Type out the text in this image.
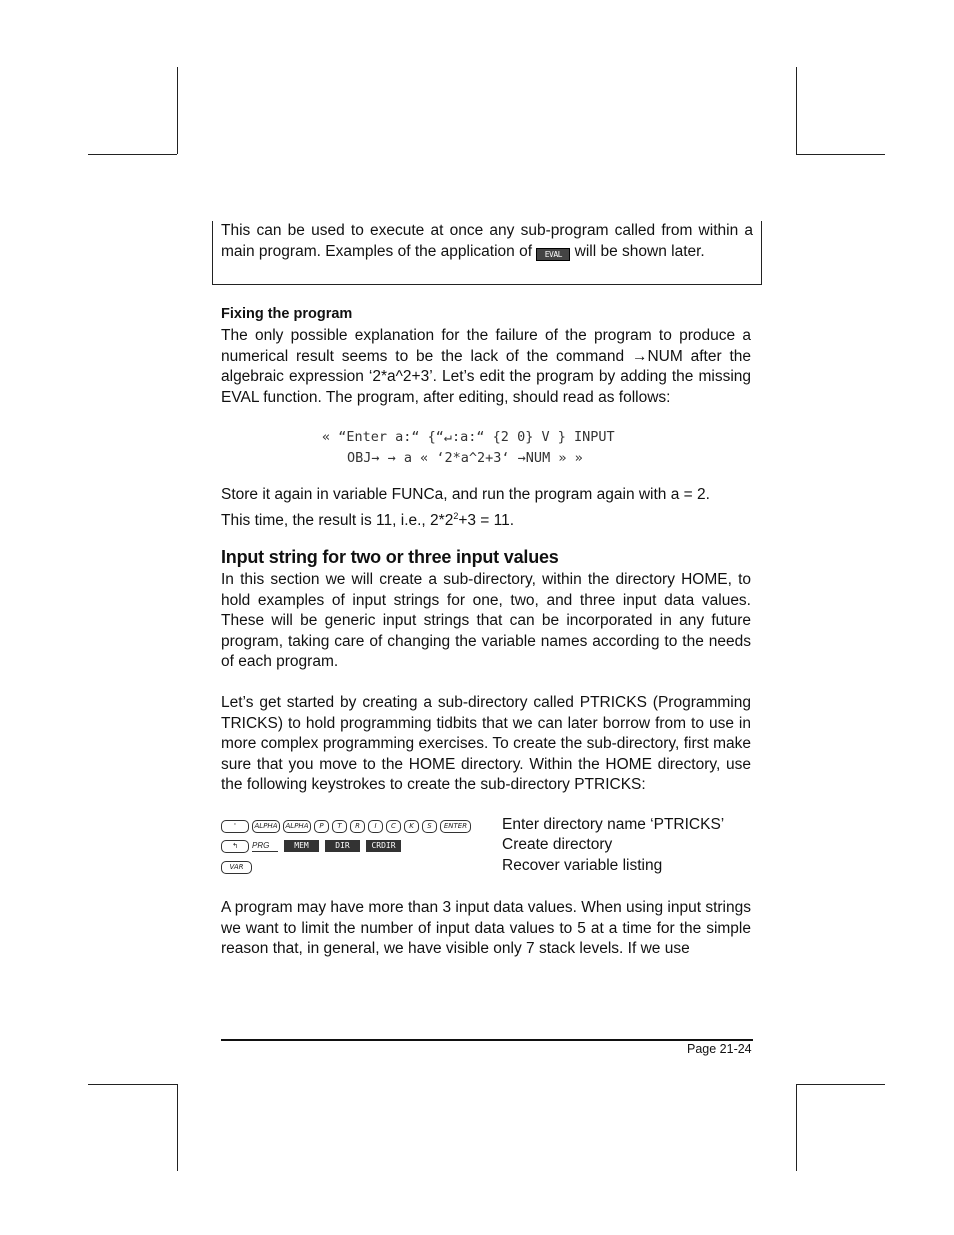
This can be used to execute at once any sub-program called from within a main program. Examples of the application of EVAL will be shown later.

Fixing the program

The only possible explanation for the failure of the program to produce a numerical result seems to be the lack of the command →NUM after the algebraic expression ‘2*a^2+3’. Let’s edit the program by adding the missing EVAL function. The program, after editing, should read as follows:

« “Enter a:“ {“↵:a:“ {2 0} V } INPUT
OBJ→ → a « ‘2*a^2+3‘ →NUM » »

Store it again in variable FUNCa, and run the program again with a = 2.
This time, the result is 11, i.e., $2*2^2+3 = 11$.

Input string for two or three input values

In this section we will create a sub-directory, within the directory HOME, to hold examples of input strings for one, two, and three input data values. These will be generic input strings that can be incorporated in any future program, taking care of changing the variable names according to the needs of each program.

Let’s get started by creating a sub-directory called PTRICKS (Programming TRICKS) to hold programming tidbits that we can later borrow from to use in more complex programming exercises. To create the sub-directory, first make sure that you move to the HOME directory. Within the HOME directory, use the following keystrokes to create the sub-directory PTRICKS:

'	ALPHA	ALPHA	P	T	R	I	C	K	S	ENTER Enter directory name ‘PTRICKS’
↰	PRG	MEM	DIR	CRDIR	Create directory
VAR	Recover variable listing

A program may have more than 3 input data values. When using input strings we want to limit the number of input data values to 5 at a time for the simple reason that, in general, we have visible only 7 stack levels. If we use

Page 21-24
